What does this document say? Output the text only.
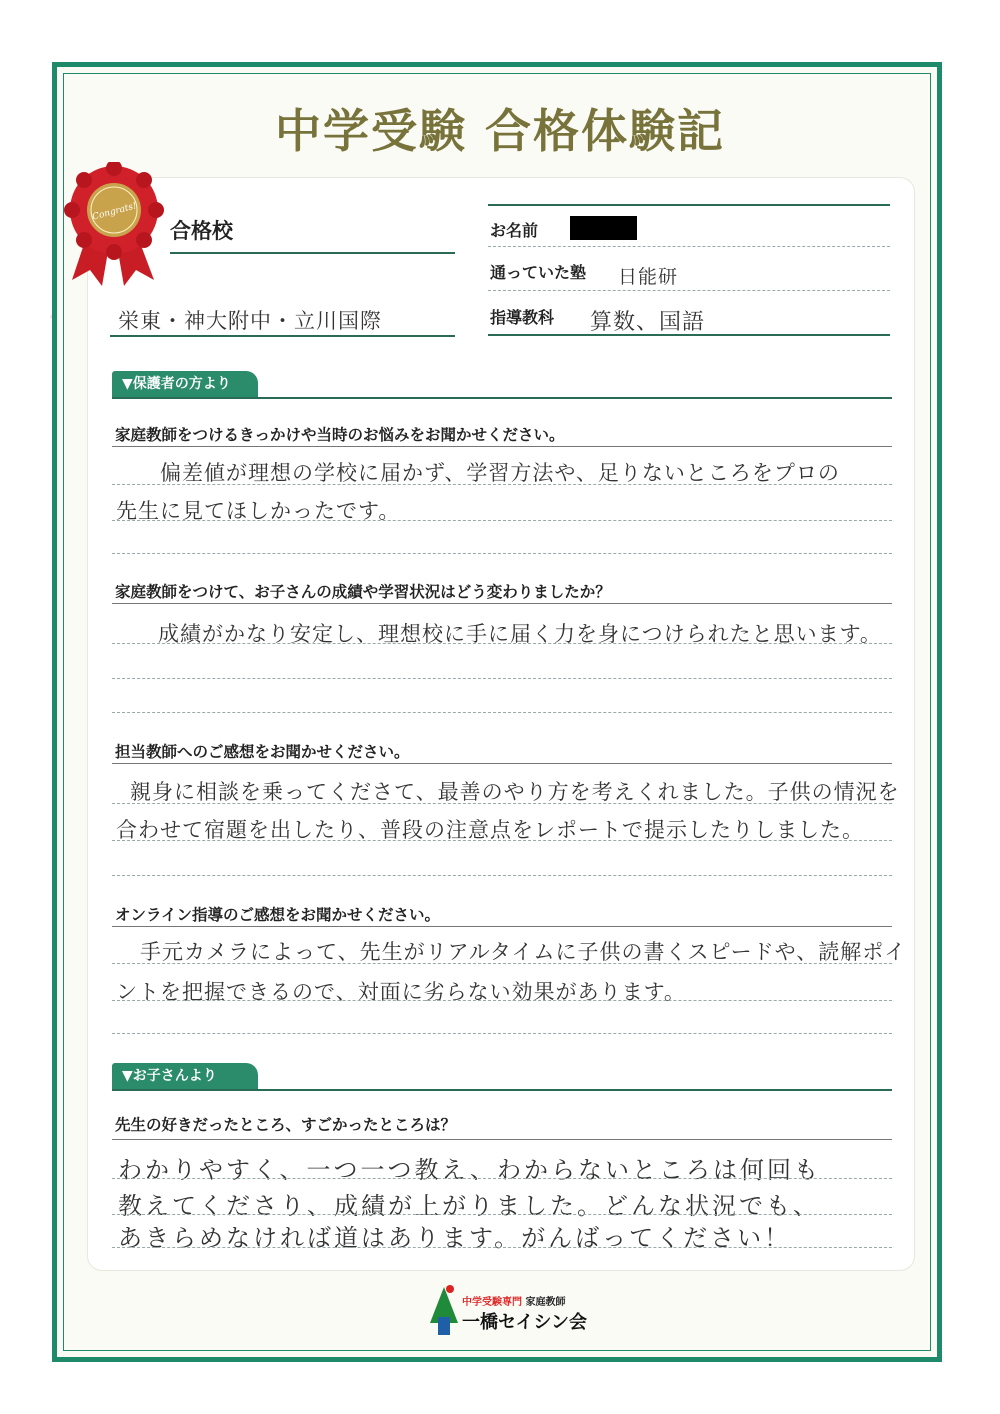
中学受験 合格体験記
Congrats!
合格校
栄東・神大附中・立川国際
お名前
通っていた塾 日能研
指導教科 算数、国語
▼保護者の方より
家庭教師をつけるきっかけや当時のお悩みをお聞かせください。
偏差値が理想の学校に届かず、学習方法や、足りないところをプロの
先生に見てほしかったです。
家庭教師をつけて、お子さんの成績や学習状況はどう変わりましたか？
成績がかなり安定し、理想校に手に届く力を身につけられたと思います。
担当教師へのご感想をお聞かせください。
親身に相談を乗ってくださて、最善のやり方を考えくれました。子供の情況を
合わせて宿題を出したり、普段の注意点をレポートで提示したりしました。
オンライン指導のご感想をお聞かせください。
手元カメラによって、先生がリアルタイムに子供の書くスピードや、読解ポイ
ントを把握できるので、対面に劣らない効果があります。
▼お子さんより
先生の好きだったところ、すごかったところは？
わかりやすく、一つ一つ教え、わからないところは何回も
教えてくださり、成績が上がりました。どんな状況でも、
あきらめなければ道はあります。がんばってください！
中学受験専門 家庭教師
一橋セイシン会
